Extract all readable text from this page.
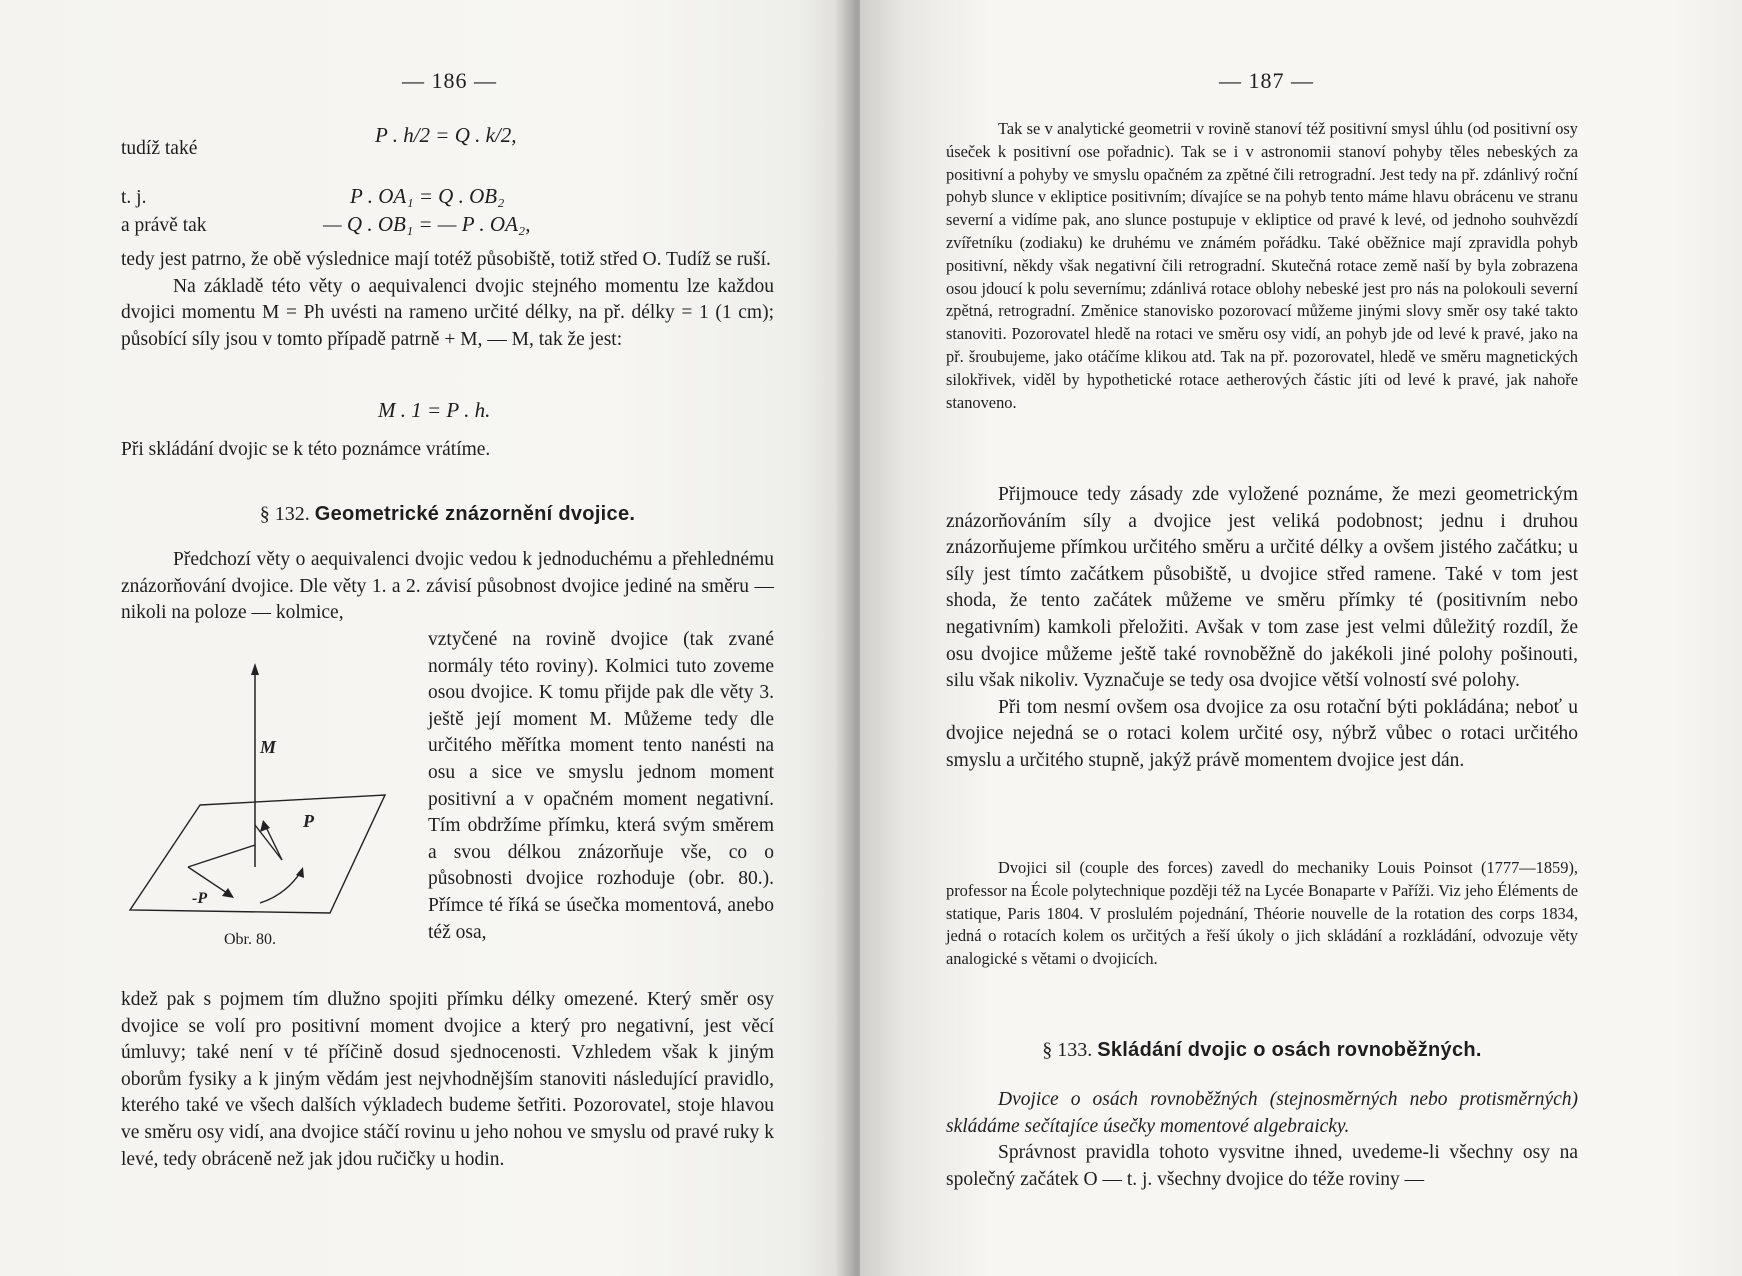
— 186 —
tudíž také
P . h/2 = Q . k/2,
t. j.	P . OA₁ = Q . OB₂
a právě tak	— Q . OB₁ = — P . OA₂,

tedy jest patrno, že obě výslednice mají totéž působiště, totiž střed O. Tudíž se ruší.

Na základě této věty o aequivalenci dvojic stejného momentu lze každou dvojici momentu M = Ph uvésti na rameno určité délky, na př. délky = 1 (1 cm); působící síly jsou v tomto případě patrně + M, — M, tak že jest:

M . 1 = P . h.

Při skládání dvojic se k této poznámce vrátíme.

§ 132. Geometrické znázornění dvojice.

Předchozí věty o aequivalenci dvojic vedou k jednoduchému a přehlednému znázorňování dvojice. Dle věty 1. a 2. závisí působnost dvojice jediné na směru — nikoli na poloze — kolmice,

vztyčené na rovině dvojice (tak zvané normály této roviny). Kolmici tuto zoveme osou dvojice. K tomu přijde pak dle věty 3. ještě její moment M. Můžeme tedy dle určitého měřítka moment tento nanésti na osu a sice ve smyslu jednom moment positivní a v opačném moment negativní. Tím obdržíme přímku, která svým směrem a svou délkou znázorňuje vše, co o působnosti dvojice rozhoduje (obr. 80.). Přímce té říká se úsečka momentová, anebo též osa,

kdež pak s pojmem tím dlužno spojiti přímku délky omezené. Který směr osy dvojice se volí pro positivní moment dvojice a který pro negativní, jest věcí úmluvy; také není v té příčině dosud sjednocenosti. Vzhledem však k jiným oborům fysiky a k jiným vědám jest nejvhodnějším stanoviti následující pravidlo, kterého také ve všech dalších výkladech budeme šetřiti. Pozorovatel, stoje hlavou ve směru osy vidí, ana dvojice stáčí rovinu u jeho nohou ve smyslu od pravé ruky k levé, tedy obráceně než jak jdou ručičky u hodin.

M
P
-P
Obr. 80.
— 187 —

Tak se v analytické geometrii v rovině stanoví též positivní smysl úhlu (od positivní osy úseček k positivní ose pořadnic). Tak se i v astronomii stanoví pohyby těles nebeských za positivní a pohyby ve smyslu opačném za zpětné čili retrogradní. Jest tedy na př. zdánlivý roční pohyb slunce v ekliptice positivním; dívajíce se na pohyb tento máme hlavu obrácenu ve stranu severní a vidíme pak, ano slunce postupuje v ekliptice od pravé k levé, od jednoho souhvězdí zvířetníku (zodiaku) ke druhému ve známém pořádku. Také oběžnice mají zpravidla pohyb positivní, někdy však negativní čili retrogradní. Skutečná rotace země naší by byla zobrazena osou jdoucí k polu severnímu; zdánlivá rotace oblohy nebeské jest pro nás na polokouli severní zpětná, retrogradní. Změnice stanovisko pozorovací můžeme jinými slovy směr osy také takto stanoviti. Pozorovatel hledě na rotaci ve směru osy vidí, an pohyb jde od levé k pravé, jako na př. šroubujeme, jako otáčíme klikou atd. Tak na př. pozorovatel, hledě ve směru magnetických silokřivek, viděl by hypothetické rotace aetherových částic jíti od levé k pravé, jak nahoře stanoveno.

Přijmouce tedy zásady zde vyložené poznáme, že mezi geometrickým znázorňováním síly a dvojice jest veliká podobnost; jednu i druhou znázorňujeme přímkou určitého směru a určité délky a ovšem jistého začátku; u síly jest tímto začátkem působiště, u dvojice střed ramene. Také v tom jest shoda, že tento začátek můžeme ve směru přímky té (positivním nebo negativním) kamkoli přeložiti. Avšak v tom zase jest velmi důležitý rozdíl, že osu dvojice můžeme ještě také rovnoběžně do jakékoli jiné polohy pošinouti, silu však nikoliv. Vyznačuje se tedy osa dvojice větší volností své polohy.

Při tom nesmí ovšem osa dvojice za osu rotační býti pokládána; neboť u dvojice nejedná se o rotaci kolem určité osy, nýbrž vůbec o rotaci určitého smyslu a určitého stupně, jakýž právě momentem dvojice jest dán.

Dvojici sil (couple des forces) zavedl do mechaniky Louis Poinsot (1777—1859), professor na École polytechnique později též na Lycée Bonaparte v Paříži. Viz jeho Éléments de statique, Paris 1804. V proslulém pojednání, Théorie nouvelle de la rotation des corps 1834, jedná o rotacích kolem os určitých a řeší úkoly o jich skládání a rozkládání, odvozuje věty analogické s větami o dvojicích.

§ 133. Skládání dvojic o osách rovnoběžných.

Dvojice o osách rovnoběžných (stejnosměrných nebo protisměrných) skládáme sečítajíce úsečky momentové algebraicky.

Správnost pravidla tohoto vysvitne ihned, uvedeme-li všechny osy na společný začátek O — t. j. všechny dvojice do téže roviny —
